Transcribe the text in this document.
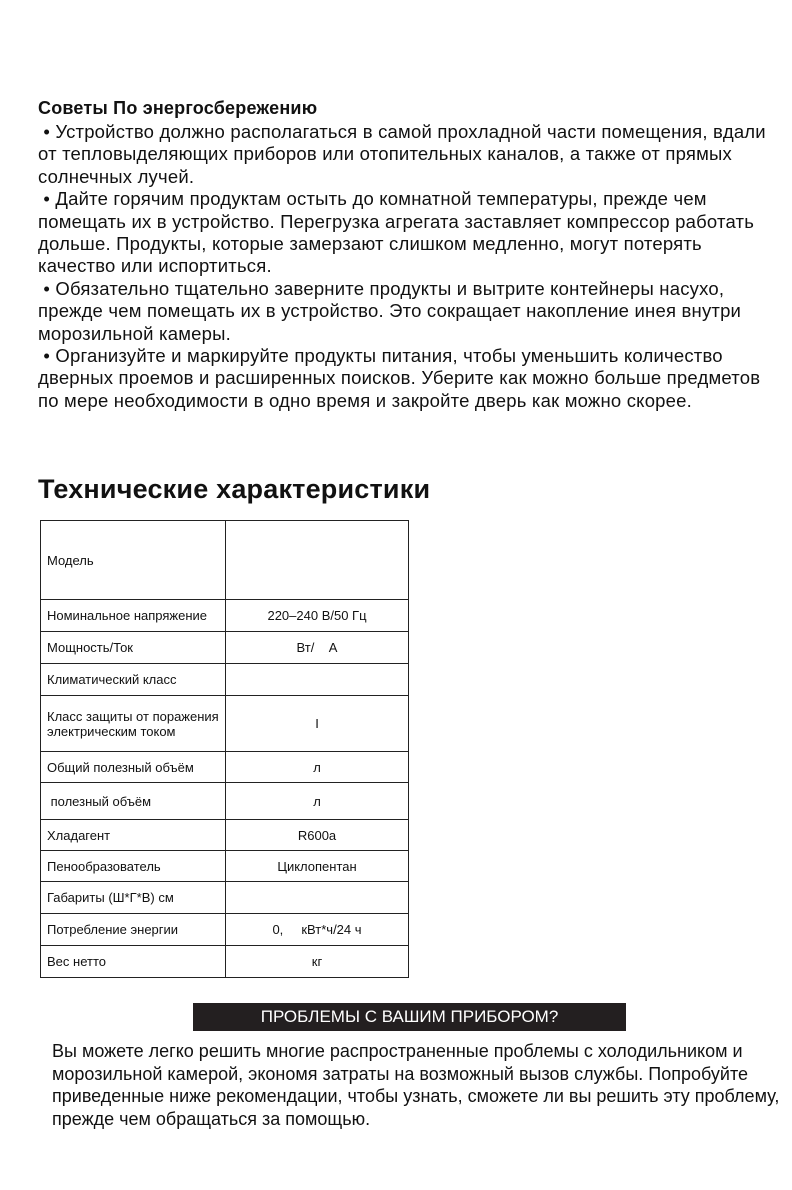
Советы По энергосбережению
• Устройство должно располагаться в самой прохладной части помещения, вдали от тепловыделяющих приборов или отопительных каналов, а также от прямых солнечных лучей.
• Дайте горячим продуктам остыть до комнатной температуры, прежде чем помещать их в устройство. Перегрузка агрегата заставляет компрессор работать дольше. Продукты, которые замерзают слишком медленно, могут потерять качество или испортиться.
• Обязательно тщательно заверните продукты и вытрите контейнеры насухо, прежде чем помещать их в устройство. Это сокращает накопление инея внутри морозильной камеры.
• Организуйте и маркируйте продукты питания, чтобы уменьшить количество дверных проемов и расширенных поисков. Уберите как можно больше предметов по мере необходимости в одно время и закройте дверь как можно скорее.
Технические характеристики
Модель	
Номинальное напряжение	220–240 В/50 Гц
Мощность/Ток	Вт/    А
Климатический класс	
Класс защиты от поражения электрическим током	I
Общий полезный объём	л
полезный объём	л
Хладагент	R600a
Пенообразователь	Циклопентан
Габариты (Ш*Г*В) см	
Потребление энергии	0,     кВт*ч/24 ч
Вес нетто	кг
ПРОБЛЕМЫ С ВАШИМ ПРИБОРОМ?

Вы можете легко решить многие распространенные проблемы с холодильником и морозильной камерой, экономя затраты на возможный вызов службы. Попробуйте приведенные ниже рекомендации, чтобы узнать, сможете ли вы решить эту проблему, прежде чем обращаться за помощью.
